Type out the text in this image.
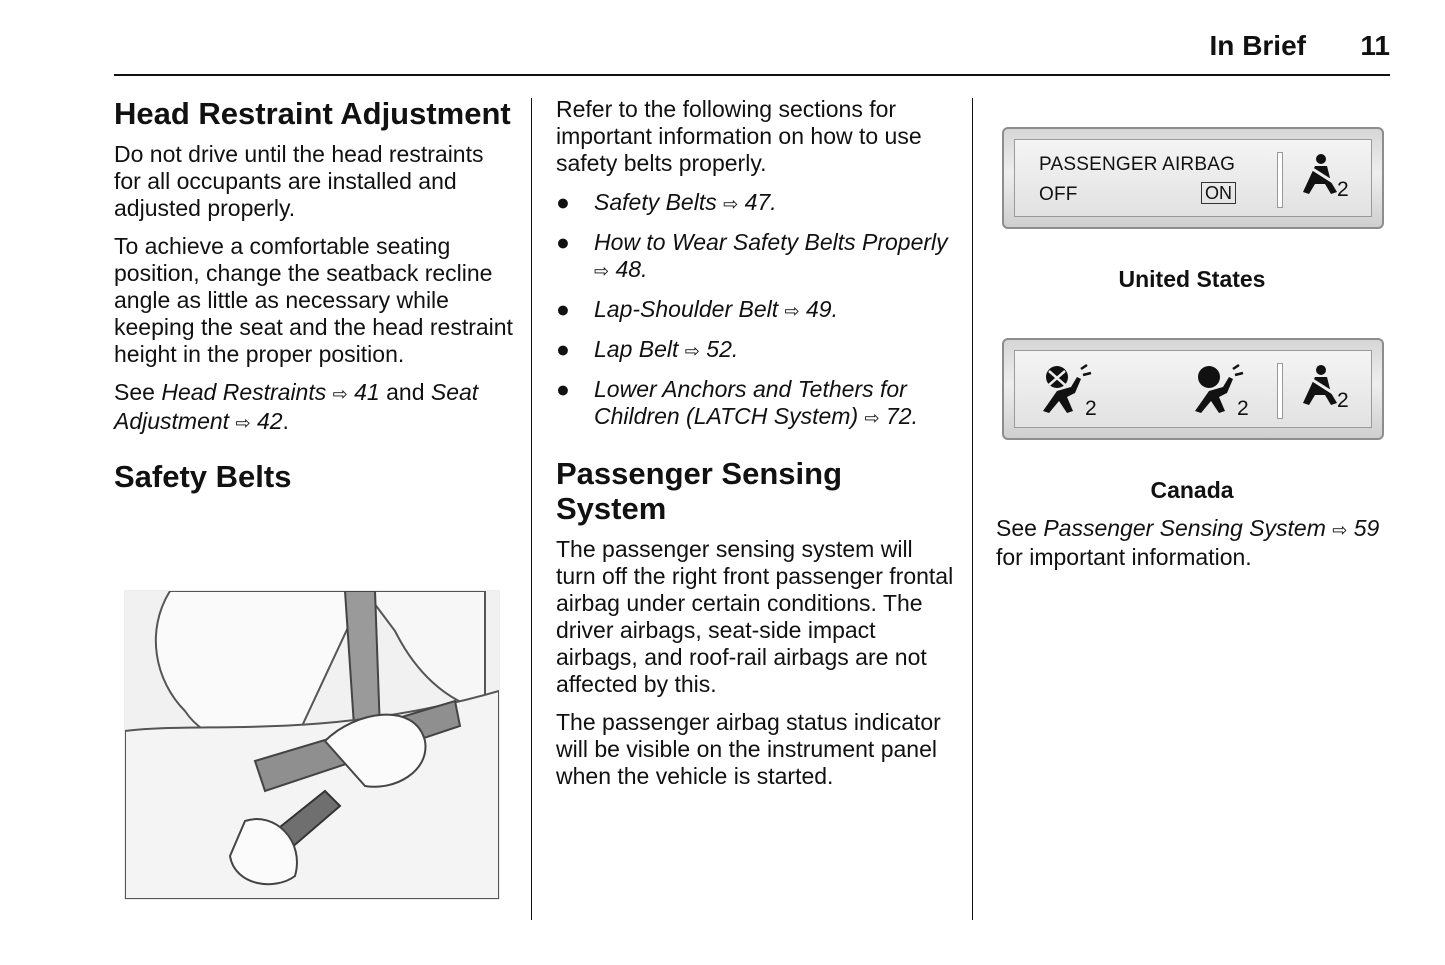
In Brief 11
Head Restraint Adjustment

Do not drive until the head restraints for all occupants are installed and adjusted properly.

To achieve a comfortable seating position, change the seatback recline angle as little as necessary while keeping the seat and the head restraint height in the proper position.

See Head Restraints ⇨ 41 and Seat Adjustment ⇨ 42.

Safety Belts

Refer to the following sections for important information on how to use safety belts properly.

● Safety Belts ⇨ 47.
● How to Wear Safety Belts Properly ⇨ 48.
● Lap-Shoulder Belt ⇨ 49.
● Lap Belt ⇨ 52.
● Lower Anchors and Tethers for Children (LATCH System) ⇨ 72.
Passenger Sensing System

The passenger sensing system will turn off the right front passenger frontal airbag under certain conditions. The driver airbags, seat-side impact airbags, and roof-rail airbags are not affected by this.

The passenger airbag status indicator will be visible on the instrument panel when the vehicle is started.

PASSENGER AIRBAG
OFF	ON	2
United States
2	2	2
Canada

See Passenger Sensing System ⇨ 59 for important information.
